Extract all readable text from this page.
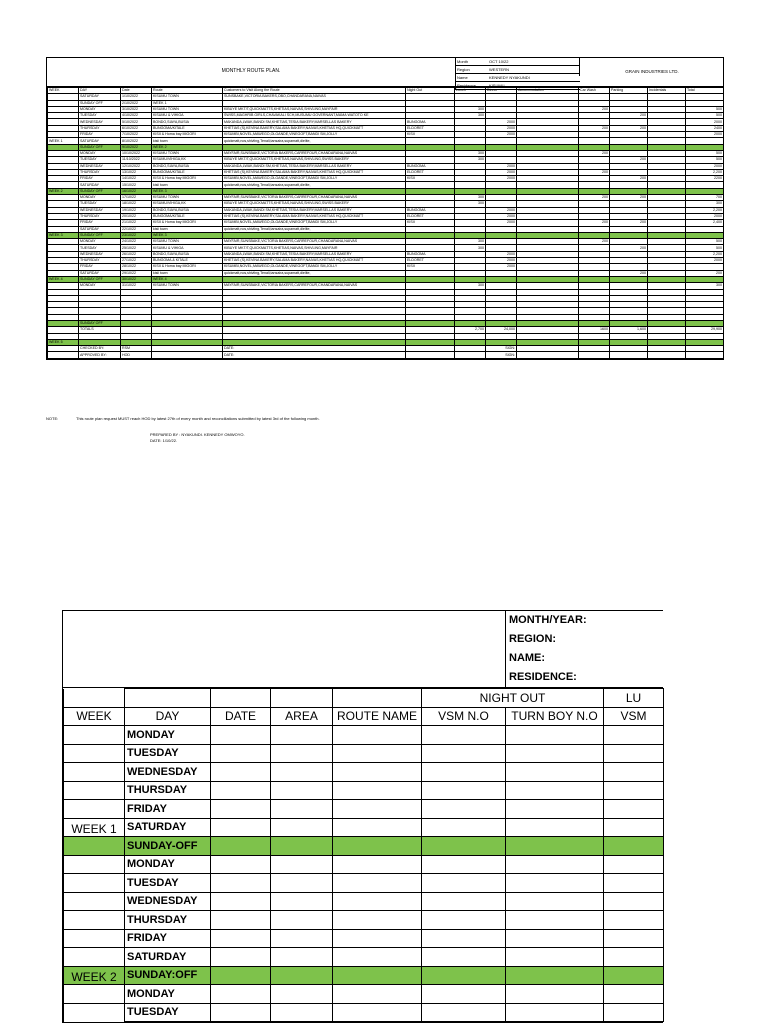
MONTHLY ROUTE PLAN.
Month	OCT 10/22
Region	WESTERN
Name	KENNEDY NYAKUNDI
Residence	KISUMU
GRAIN INDUSTRIES LTD.
WEEK	DAY	Date	Route	Customers to Visit Along the Route	Night Out	Lunch	Dinner	Accommodation	Car Wash	Parking	Incidentals	Total
	SATURDAY	1/10/2022	KISUMU TOWN	SUNSBAKE,VICTORIA BAKERS,OBO,CHANDARANA,NAIVAS								
	SUNDAY OFF	2/10/2022	WEEK 1									
	MONDAY	3/10/2022	KISUMU TOWN	KIBUYE MKT/T,QUICKMATTS,KHETIAS,NAIVAS,SHIVLING,MAYFAIR		300			200			500
	TUESDAY	4/10/2022	KISUMU & VIHIGA	SWISS,MAGHRIB GIRLS,CHAVAKALI SCH,MUSUMU GOVERNANT,MAMA WATOTO KE		300				200		500
	WEDNESDAY	5/10/2022	BONDO,SIAYA,BUSIA	MAKANDA,LWAK,BANDI SM,KHETIAS,TESIA BAKERY,MARSELLAS BAKERY	BUNGOMA		2000					2000
	THURSDAY	6/10/2022	BUNGOMA/KITALE	KHETIAS (S),KEVINA BAKERY,SALAMA BAKERY,NAIVAS,KHETIAS HQ,QUICKMATT	ELDORET		2000		200	200		2400
	FRIDAY	7/10/2022	KISII & Homa bay MIGORI	KISUMBI,NOVEL,MAWEGO,OLGANDE,VINEGOFT,BANDI SM,JOLLY	KISII		2000					2000
WEEK 1	SATURDAY	8/10/2022	kisii town	quickmatt,nos,shivling,Tenali,tansaira,supamatt,dielite,								
	SUNDAY OFF	9/10/2022	WEEK 2									
	MONDAY	10/10/2022	KISUMU TOWN	MAYFAIR,SUNSBAKE,VICTORIA BAKERS,CARREFOUR,CHANDARANA,NAIVAS		300			200			500
	TUESDAY	11/10/2022	KISUMU/VIHIGA,KK	KIBUYE MKT/T,QUICKMATTS,KHETIAS,NAIVAS,SHIVLING,SWISS BAKERY		300				200		500
	WEDNESDAY	12/10/2022	BONDO,SIAYA,BUSIA	MAKANDA,LWAK,BANDI SM,KHETIAS,TESIA BAKERY,MARSELLAS BAKERY	BUNGOMA		2000					2000
	THURSDAY	13/10/22	BUNGOMA/KITALE	KHETIAS (S),KEVINA BAKERY,SALAMA BAKERY,NAIVAS,KHETIAS HQ,QUICKMATT	ELDORET		2000		200			2,200
	FRIDAY	14/10/22	KISII & Homa bay MIGORI	KISUMBI,NOVEL,MAWEGO,OLGANDE,VINEGOFT,BANDI SM,JOLLY	KISII		2000			200		2200
	SATURDAY	15/10/22	kisii town	quickmatt,nos,shivling,Tenali,tansaira,supamatt,dielite,								
WEEK 2	SUNDAY OFF	16/10/22	WEEK 3									
	MONDAY	17/10/22	KISUMU TOWN	MAYFAIR,SUNSBAKE,VICTORIA BAKERS,CARREFOUR,CHANDARANA,NAIVAS		300			200	200		700
	TUESDAY	18/10/22	KISUMU/VIHIGA,KK	KIBUYE MKT/T,QUICKMATTS,KHETIAS,NAIVAS,SHIVLING,SWISS BAKERY		300						300
	WEDNESDAY	19/10/22	BONDO,SIAYA,BUSIA	MAKANDA,LWAK,BANDI SM,KHETIAS,TESIA BAKERY,MARSELLAS BAKERY	BUNGOMA		2000					2,200
	THURSDAY	20/10/22	BUNGOMA/KITALE	KHETIAS (S),KEVINA BAKERY,SALAMA BAKERY,NAIVAS,KHETIAS HQ,QUICKMATT	ELDORET		2000					2000
	FRIDAY	21/10/22	KISII & Homa bay MIGORI	KISUMBI,NOVEL,MAWEGO,OLGANDE,VINEGOFT,BANDI SM,JOLLY	KISII		2000		200	200		2,400
	SATURDAY	22/10/22	kisii town	quickmatt,nos,shivling,Tenali,tansaira,supamatt,dielite,								
WEEK 3	SUNDAY OFF	23/10/22	WEEK 3									
	MONDAY	24/10/22	KISUMU TOWN	MAYFAIR,SUNSBAKE,VICTORIA BAKERS,CARREFOUR,CHANDARANA,NAIVAS		300			200			500
	TUESDAY	25/10/22	KISUMU & VIHIGA	KIBUYE MKT/T,QUICKMATTS,KHETIAS,NAIVAS,SHIVLING,MAYFAIR		300				200		500
	WEDNESDAY	26/10/22	BONDO,SIAYA,BUSIA	MAKANDA,LWAK,BANDI SM,KHETIAS,TESIA BAKERY,MARSELLAS BAKERY	BUNGOMA		2000					2,200
	THURSDAY	27/10/22	BUNGOMA & KITALE	KHETIAS (S),KEVINA BAKERY,SALAMA BAKERY,NAIVAS,KHETIAS HQ,QUICKMATT	ELDORET		2000					2000
	FRIDAY	28/10/22	KISII & Homa bay MIGORI	KISUMBI,NOVEL,MAWEGO,OLGANDE,VINEGOFT,BANDI SM,JOLLY	KISII		2000					
	SATURDAY	29/10/22	kisii town	quickmatt,nos,shivling,Tenali,tansaira,supamatt,dielite,						200		200
WEEK 4	SUNDAY OFF	30/10/22	WEEK 4									
	MONDAY	31/10/22	KISUMU TOWN	MAYFAIR,SUNSBAKE,VICTORIA BAKERS,CARREFOUR,CHANDARANA,NAIVAS		300						300

	SUNDAY OFF											
	TOTALS					2,700	24,000		1600	1,600		29,900

WEEK 5												
	CHECKED BY:	RSM		DATE:			SIGN:					
	APPROVED BY:	HOD		DATE:			SIGN:					
NOTE:	This route plan request MUST reach HOD by latest 27th of every month and reconciliations submitted by latest 3rd of the following month.
PREPARED BY : NYAKUNDI. KENNEDY OMWOYO.
DATE: 1/10/22.
MONTH/YEAR:
REGION:
NAME:
RESIDENCE:
					NIGHT OUT		LU
WEEK	DAY	DATE	AREA	ROUTE NAME	VSM N.O	TURN BOY N.O	VSM
	MONDAY						
	TUESDAY						
	WEDNESDAY						
	THURSDAY						
	FRIDAY						
WEEK 1	SATURDAY						
	SUNDAY-OFF						
	MONDAY						
	TUESDAY						
	WEDNESDAY						
	THURSDAY						
	FRIDAY						
	SATURDAY						
WEEK 2	SUNDAY:OFF						
	MONDAY						
	TUESDAY						
